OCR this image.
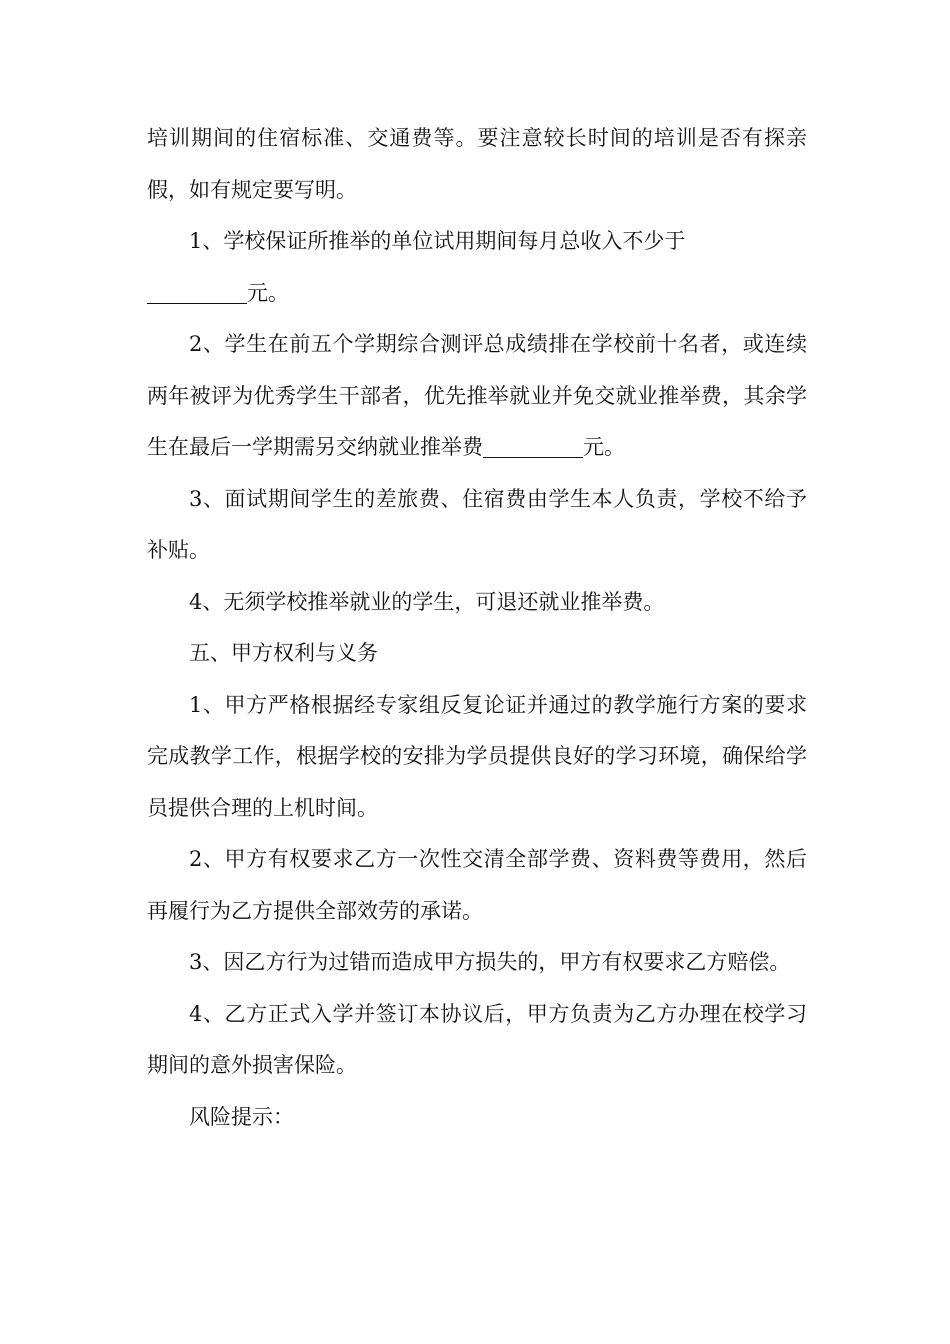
培训期间的住宿标准、交通费等。要注意较长时间的培训是否有探亲假，如有规定要写明。

1、学校保证所推举的单位试用期间每月总收入不少于

元。

2、学生在前五个学期综合测评总成绩排在学校前十名者，或连续两年被评为优秀学生干部者，优先推举就业并免交就业推举费，其余学生在最后一学期需另交纳就业推举费	元。

3、面试期间学生的差旅费、住宿费由学生本人负责，学校不给予补贴。

4、无须学校推举就业的学生，可退还就业推举费。

五、甲方权利与义务

1、甲方严格根据经专家组反复论证并通过的教学施行方案的要求完成教学工作，根据学校的安排为学员提供良好的学习环境，确保给学员提供合理的上机时间。

2、甲方有权要求乙方一次性交清全部学费、资料费等费用，然后再履行为乙方提供全部效劳的承诺。

3、因乙方行为过错而造成甲方损失的，甲方有权要求乙方赔偿。

4、乙方正式入学并签订本协议后，甲方负责为乙方办理在校学习期间的意外损害保险。

风险提示：
